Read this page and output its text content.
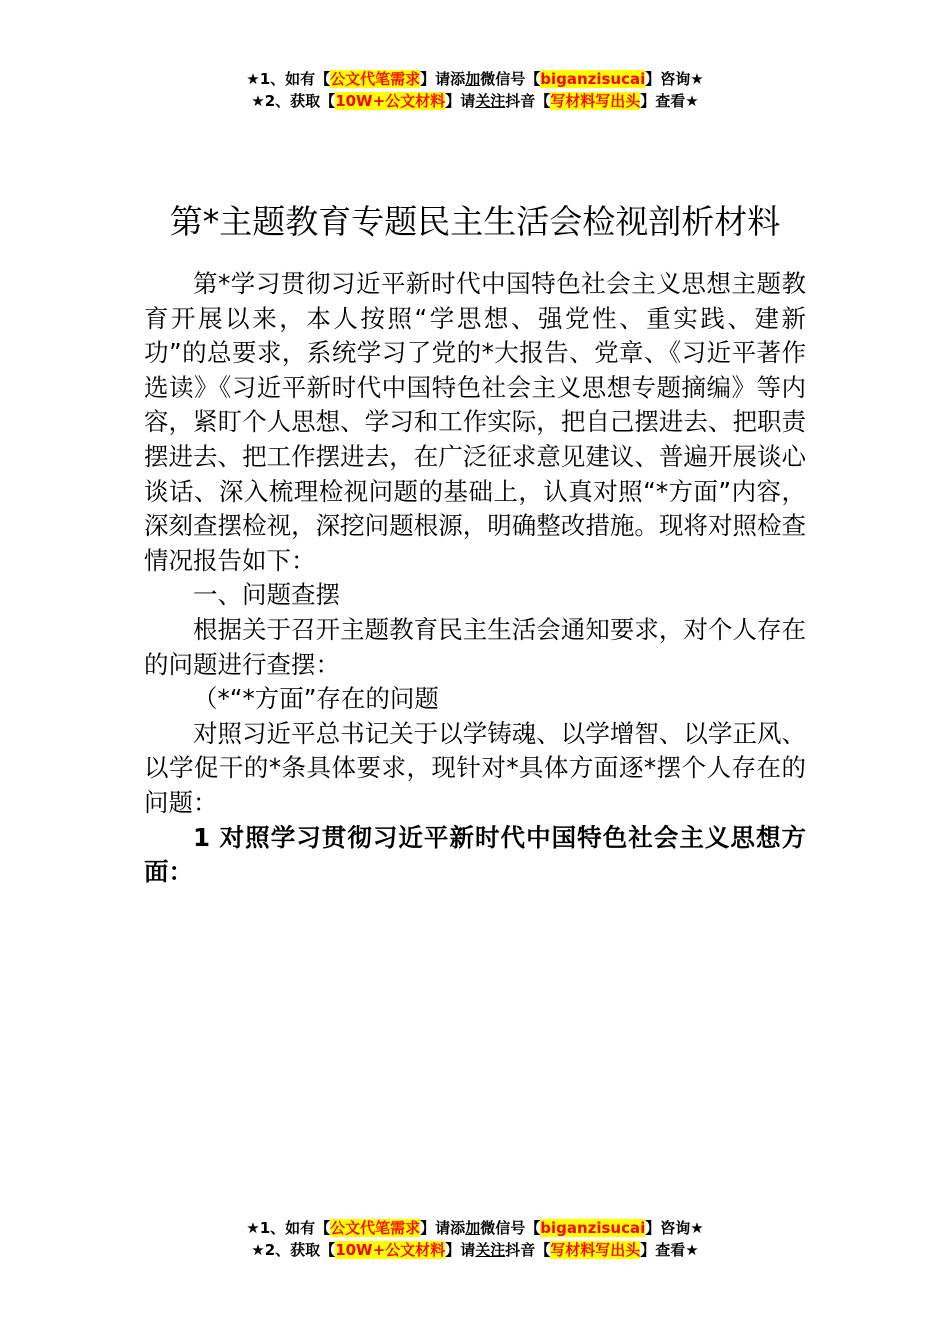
★1、如有【公文代笔需求】请添加微信号【biganzisucai】咨询★
★2、获取【10W+公文材料】请关注抖音【写材料写出头】查看★
第*主题教育专题民主生活会检视剖析材料

第*学习贯彻习近平新时代中国特色社会主义思想主题教育开展以来，本人按照“学思想、强党性、重实践、建新功”的总要求，系统学习了党的*大报告、党章、《习近平著作选读》《习近平新时代中国特色社会主义思想专题摘编》等内容，紧盯个人思想、学习和工作实际，把自己摆进去、把职责摆进去、把工作摆进去，在广泛征求意见建议、普遍开展谈心谈话、深入梳理检视问题的基础上，认真对照“*方面”内容，深刻查摆检视，深挖问题根源，明确整改措施。现将对照检查情况报告如下：

一、问题查摆

根据关于召开主题教育民主生活会通知要求，对个人存在的问题进行查摆：

（*“*方面”存在的问题

对照习近平总书记关于以学铸魂、以学增智、以学正风、以学促干的*条具体要求，现针对*具体方面逐*摆个人存在的问题：

1 对照学习贯彻习近平新时代中国特色社会主义思想方面：

★1、如有【公文代笔需求】请添加微信号【biganzisucai】咨询★
★2、获取【10W+公文材料】请关注抖音【写材料写出头】查看★
